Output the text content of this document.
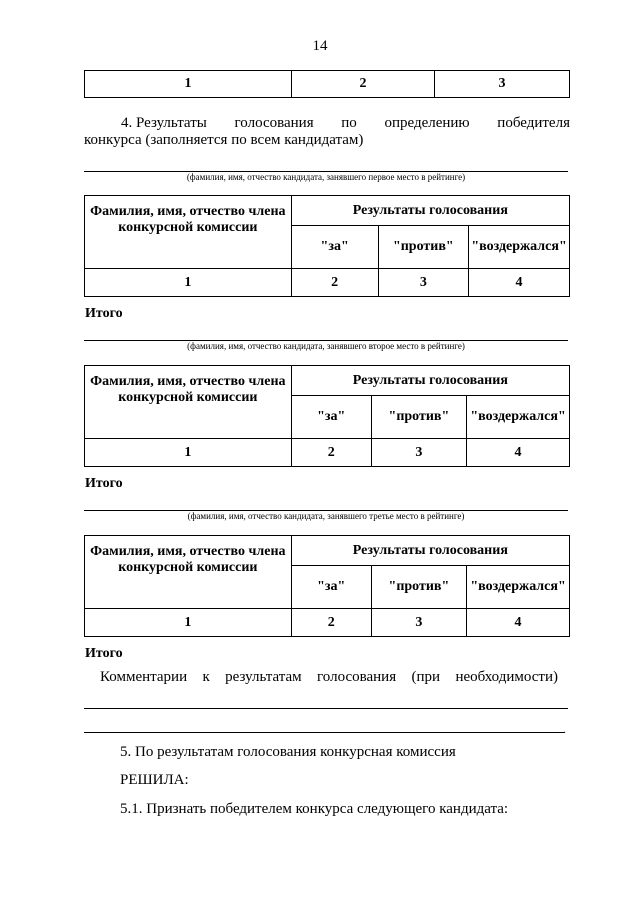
14
1	2	3
4. Результаты голосования по определению победителя
конкурса (заполняется по всем кандидатам)
(фамилия, имя, отчество кандидата, занявшего первое место в рейтинге)
Фамилия, имя, отчество члена конкурсной комиссии	Результаты голосования		
	"за"	"против"	"воздержался"
1	2	3	4
Итого
(фамилия, имя, отчество кандидата, занявшего второе место в рейтинге)
Фамилия, имя, отчество члена конкурсной комиссии	Результаты голосования		
	"за"	"против"	"воздержался"
1	2	3	4
Итого
(фамилия, имя, отчество кандидата, занявшего третье место в рейтинге)
Фамилия, имя, отчество члена конкурсной комиссии	Результаты голосования		
	"за"	"против"	"воздержался"
1	2	3	4
Итого
Комментарии к результатам голосования (при необходимости)
.
5. По результатам голосования конкурсная комиссия
РЕШИЛА:
5.1. Признать победителем конкурса следующего кандидата:
